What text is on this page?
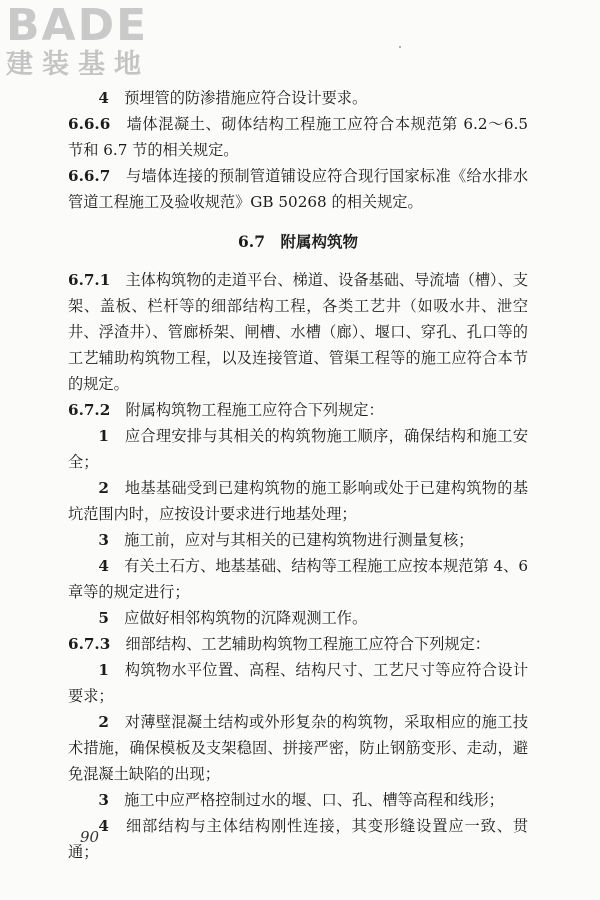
BADE
建装基地

4　 预埋管的防渗措施应符合设计要求。

6.6.6　 墙体混凝土、砌体结构工程施工应符合本规范第 6.2～6.5 节和 6.7 节的相关规定。

6.6.7　 与墙体连接的预制管道铺设应符合现行国家标准《给水排水管道工程施工及验收规范》GB 50268 的相关规定。

6.7　附属构筑物

6.7.1　 主体构筑物的走道平台、梯道、设备基础、导流墙（槽）、支架、盖板、栏杆等的细部结构工程，各类工艺井（如吸水井、泄空井、浮渣井）、管廊桥架、闸槽、水槽（廊）、堰口、穿孔、孔口等的工艺辅助构筑物工程，以及连接管道、管渠工程等的施工应符合本节的规定。

6.7.2　 附属构筑物工程施工应符合下列规定：

1　 应合理安排与其相关的构筑物施工顺序，确保结构和施工安全；

2　 地基基础受到已建构筑物的施工影响或处于已建构筑物的基坑范围内时，应按设计要求进行地基处理；

3　 施工前，应对与其相关的已建构筑物进行测量复核；

4　 有关土石方、地基基础、结构等工程施工应按本规范第 4、6 章等的规定进行；

5　 应做好相邻构筑物的沉降观测工作。

6.7.3　 细部结构、工艺辅助构筑物工程施工应符合下列规定：

1　 构筑物水平位置、高程、结构尺寸、工艺尺寸等应符合设计要求；

2　 对薄壁混凝土结构或外形复杂的构筑物，采取相应的施工技术措施，确保模板及支架稳固、拼接严密，防止钢筋变形、走动，避免混凝土缺陷的出现；

3　 施工中应严格控制过水的堰、口、孔、槽等高程和线形；

4　 细部结构与主体结构刚性连接，其变形缝设置应一致、贯通；

90
